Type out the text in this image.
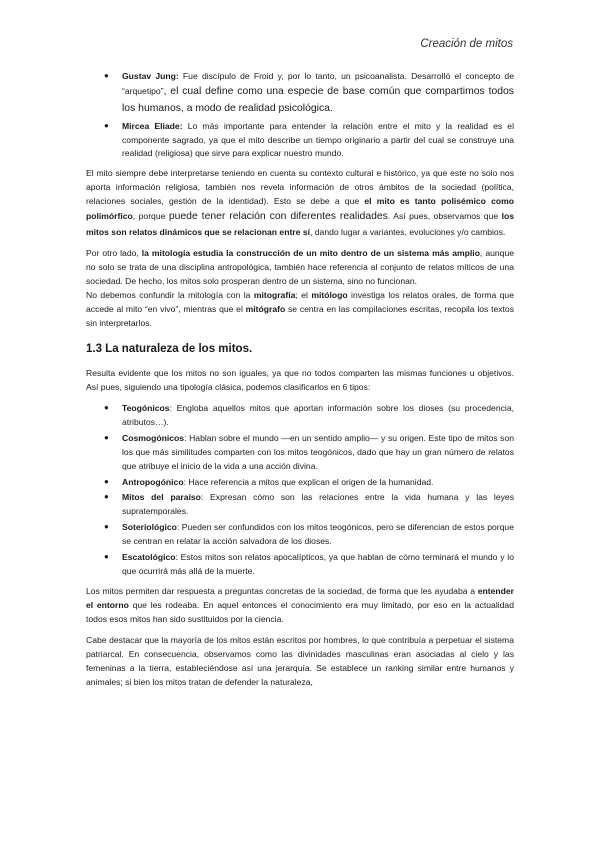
Creación de mitos
● Gustav Jung: Fue discípulo de Froid y, por lo tanto, un psicoanalista. Desarrolló el concepto de “arquetipo”, el cual define como una especie de base común que compartimos todos los humanos, a modo de realidad psicológica.
● Mircea Eliade: Lo más importante para entender la relación entre el mito y la realidad es el componente sagrado, ya que el mito describe un tiempo originario a partir del cual se construye una realidad (religiosa) que sirve para explicar nuestro mundo.

El mito siempre debe interpretarse teniendo en cuenta su contexto cultural e histórico, ya que este no solo nos aporta información religiosa, también nos revela información de otros ámbitos de la sociedad (política, relaciones sociales, gestión de la identidad). Esto se debe a que el mito es tanto polisémico como polimórfico, porque puede tener relación con diferentes realidades. Así pues, observamos que los mitos son relatos dinámicos que se relacionan entre sí, dando lugar a variantes, evoluciones y/o cambios.

Por otro lado, la mitología estudia la construcción de un mito dentro de un sistema más amplio, aunque no solo se trata de una disciplina antropológica, también hace referencia al conjunto de relatos míticos de una sociedad. De hecho, los mitos solo prosperan dentro de un sistema, sino no funcionan.

No debemos confundir la mitología con la mitografía; el mitólogo investiga los relatos orales, de forma que accede al mito “en vivo”, mientras que el mitógrafo se centra en las compilaciones escritas, recopila los textos sin interpretarlos.

1.3 La naturaleza de los mitos.

Resulta evidente que los mitos no son iguales, ya que no todos comparten las mismas funciones u objetivos. Así pues, siguiendo una tipología clásica, podemos clasificarlos en 6 tipos:

● Teogónicos: Engloba aquellos mitos que aportan información sobre los dioses (su procedencia, atributos…).
● Cosmogónicos: Hablan sobre el mundo —en un sentido amplio— y su origen. Este tipo de mitos son los que más similitudes comparten con los mitos teogónicos, dado que hay un gran número de relatos que atribuye el inicio de la vida a una acción divina.
● Antropogónico: Hace referencia a mitos que explican el origen de la humanidad.
● Mitos del paraíso: Expresan cómo son las relaciones entre la vida humana y las leyes supratemporales.
● Soteriológico: Pueden ser confundidos con los mitos teogónicos, pero se diferencian de estos porque se centran en relatar la acción salvadora de los dioses.
● Escatológico: Estos mitos son relatos apocalípticos, ya que hablan de cómo terminará el mundo y lo que ocurrirá más allá de la muerte.

Los mitos permiten dar respuesta a preguntas concretas de la sociedad, de forma que les ayudaba a entender el entorno que les rodeaba. En aquel entonces el conocimiento era muy limitado, por eso en la actualidad todos esos mitos han sido sustituidos por la ciencia.

Cabe destacar que la mayoría de los mitos están escritos por hombres, lo que contribuía a perpetuar el sistema patriarcal. En consecuencia, observamos como las divinidades masculinas eran asociadas al cielo y las femeninas a la tierra, estableciéndose así una jerarquía. Se establece un ranking similar entre humanos y animales; si bien los mitos tratan de defender la naturaleza,
